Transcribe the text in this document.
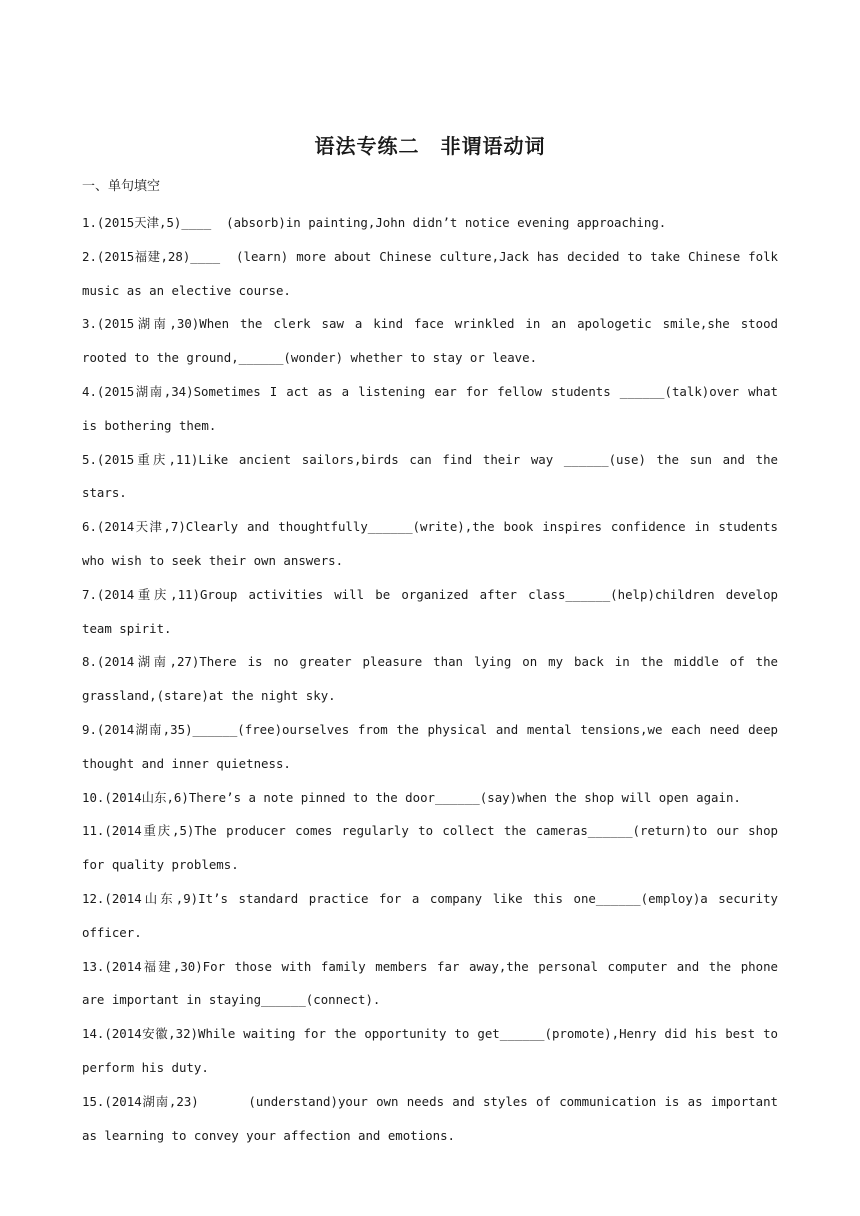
语法专练二　非谓语动词
一、单句填空
1.(2015天津,5)____  (absorb)in painting,John didn’t notice evening approaching.
2.(2015福建,28)____  (learn) more about Chinese culture,Jack has decided to take Chinese folk music as an elective course.
3.(2015湖南,30)When the clerk saw a kind face wrinkled in an apologetic smile,she stood rooted to the ground,______(wonder) whether to stay or leave.
4.(2015湖南,34)Sometimes I act as a listening ear for fellow students ______(talk)over what is bothering them.
5.(2015重庆,11)Like ancient sailors,birds can find their way ______(use) the sun and the stars.
6.(2014天津,7)Clearly and thoughtfully______(write),the book inspires confidence in students who wish to seek their own answers.
7.(2014重庆,11)Group activities will be organized after class______(help)children develop team spirit.
8.(2014湖南,27)There is no greater pleasure than lying on my back in the middle of the grassland,(stare)at the night sky.
9.(2014湖南,35)______(free)ourselves from the physical and mental tensions,we each need deep thought and inner quietness.
10.(2014山东,6)There’s a note pinned to the door______(say)when the shop will open again.
11.(2014重庆,5)The producer comes regularly to collect the cameras______(return)to our shop for quality problems.
12.(2014山东,9)It’s standard practice for a company like this one______(employ)a security officer.
13.(2014福建,30)For those with family members far away,the personal computer and the phone are important in staying______(connect).
14.(2014安徽,32)While waiting for the opportunity to get______(promote),Henry did his best to perform his duty.
15.(2014湖南,23)      (understand)your own needs and styles of communication is as important as learning to convey your affection and emotions.
